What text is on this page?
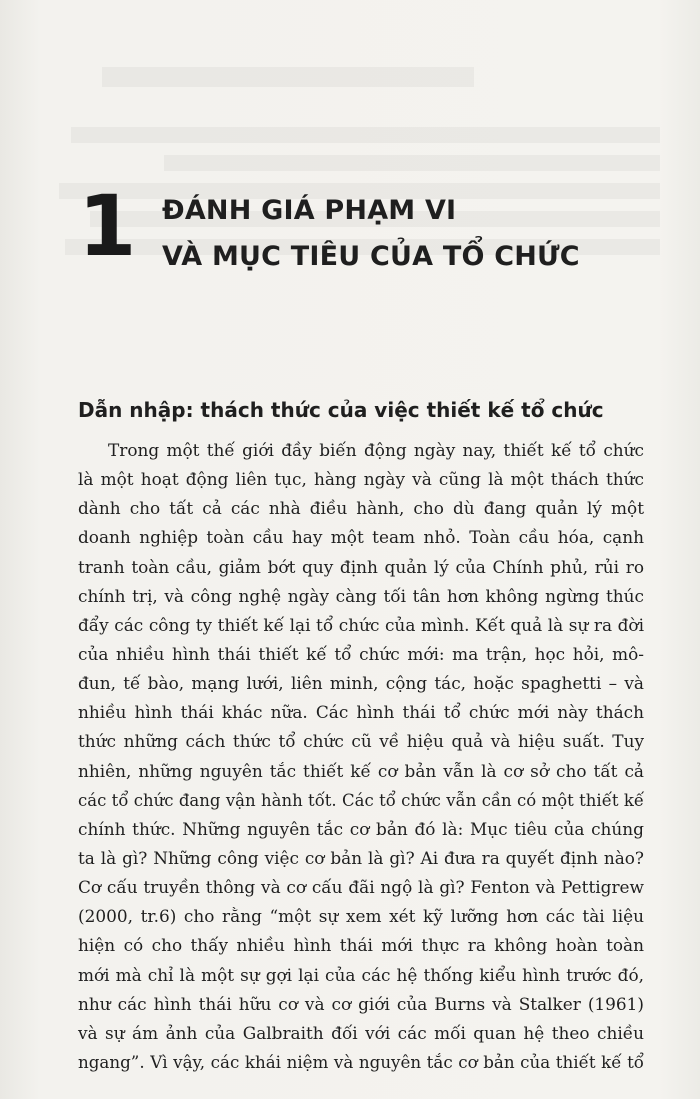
1 ĐÁNH GIÁ PHẠM VI
VÀ MỤC TIÊU CỦA TỔ CHỨC
Dẫn nhập: thách thức của việc thiết kế tổ chức
Trong một thế giới đầy biến động ngày nay, thiết kế tổ chức
là một hoạt động liên tục, hàng ngày và cũng là một thách thức
dành cho tất cả các nhà điều hành, cho dù đang quản lý một
doanh nghiệp toàn cầu hay một team nhỏ. Toàn cầu hóa, cạnh
tranh toàn cầu, giảm bớt quy định quản lý của Chính phủ, rủi ro
chính trị, và công nghệ ngày càng tối tân hơn không ngừng thúc
đẩy các công ty thiết kế lại tổ chức của mình. Kết quả là sự ra đời
của nhiều hình thái thiết kế tổ chức mới: ma trận, học hỏi, mô-
đun, tế bào, mạng lưới, liên minh, cộng tác, hoặc spaghetti – và
nhiều hình thái khác nữa. Các hình thái tổ chức mới này thách
thức những cách thức tổ chức cũ về hiệu quả và hiệu suất. Tuy
nhiên, những nguyên tắc thiết kế cơ bản vẫn là cơ sở cho tất cả
các tổ chức đang vận hành tốt. Các tổ chức vẫn cần có một thiết kế
chính thức. Những nguyên tắc cơ bản đó là: Mục tiêu của chúng
ta là gì? Những công việc cơ bản là gì? Ai đưa ra quyết định nào?
Cơ cấu truyền thông và cơ cấu đãi ngộ là gì? Fenton và Pettigrew
(2000, tr.6) cho rằng “một sự xem xét kỹ lưỡng hơn các tài liệu
hiện có cho thấy nhiều hình thái mới thực ra không hoàn toàn
mới mà chỉ là một sự gợi lại của các hệ thống kiểu hình trước đó,
như các hình thái hữu cơ và cơ giới của Burns và Stalker (1961)
và sự ám ảnh của Galbraith đối với các mối quan hệ theo chiều
ngang”. Vì vậy, các khái niệm và nguyên tắc cơ bản của thiết kế tổ
